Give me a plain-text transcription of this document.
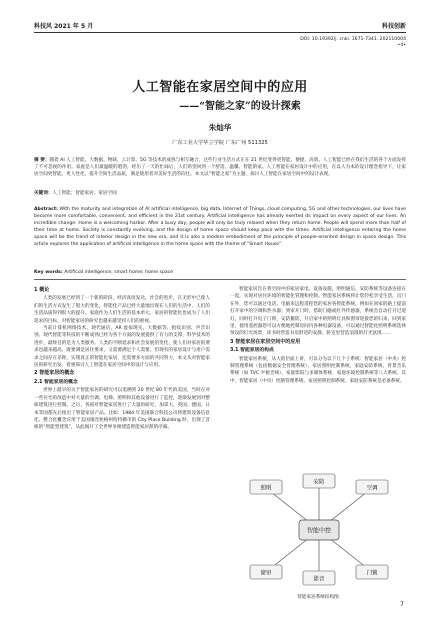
科技风 2021 年 5 月	科技创新
DOI: 10.19392/j. cnki. 1671-7341. 202110004
•4•
人工智能在家居空间中的应用
——“智能之家”的设计探索
朱灿华
广东工业大学华立学院 广东广州 511325
摘 要：随着 AI 人工智能、大数据、物联、云计算、5G 等技术的成熟与相互融合，这些行业生活方式正在 21 世纪变得更智能、便捷、高效。人工智能已经在我们生活的各个方面发挥了不可忽视的作用。家庭是人们最温暖的港湾，经历了一天的忙碌后，人们希望回到一个舒适、温馨、智能的家。人工智能在家居设计中的应用，在以人为本的设计理念指导下，让家居空间更智能、更人性化，提升空间生活品质，满足使用者对美好生活的向往。本文以“智能之家”为主题，探讨人工智能在家居空间中的设计表现。
关键词：人工智能；智能家居；家居空间
Abstract: With the maturity and integration of AI artificial intelligence, big data, Internet of Things, cloud computing, 5G and other technologies, our lives have become more comfortable, convenient, and efficient in the 21st century. Artificial intelligence has already exerted its impact on every aspect of our lives. An incredible change: Home is a welcoming harbor. After a busy day, people will only be truly relaxed when they return home. People will spend more than half of their time at home. Society is constantly evolving, and the design of home space should keep pace with the times. Artificial intelligence entering the home space will be the trend of interior design in the new era, and it is also a modern embodiment of the principle of people-oriented design in space design. This article explores the application of artificial intelligence in the home space with the theme of "Smart House".
Key words: Artificial intelligence; smart home; home space
1 概论

人类的发展已经到了一个新的阶段，经济高度发达，社会的进步，在无形中已使人们的生活方式发生了很大的变化，智能化产品已经大量地出现在人们的生活中，人们的生活品质得到很大的提升。家庭作为人们生活的基本单元，家居的智能化也成为了人们追求的目标，对智能家居的研究也越来越受到人们的重视。

当前计算机网络技术、现代通信、AR 虚拟现实、大数据等、指纹识别、声音识别、现代智能等科技的不断成熟已经为各个方面的发展提供了有力的支撑，科学技术的进步，最终目的是为人类服务。人类的不断追求和社会发展的变化，使人们对家居的要求也越来越高，既要满足居住要求，又需要满足个人需要。但现有的家居设计与用户需求之间存在差距，实现真正的智能化家居，还需要多方面的共同努力，本文从对智能家居的研究出发，着重探讨人工智能在家居空间中的设计与应用。

2 智能家居的概念
2.1 智能家居的概念

世界上最早的关于智能家居的研究可以追溯到 20 世纪 80 年代的美国，当时在对一些住宅的改造中对大量的空调、电梯、照明和其他设备进行了监控，逐渐发展到对整栋建筑进行控制。之后，各国对智能家居进行了大量的研究，加拿大、英国、德国、日本等国都先后推出了智能家居产品。比如：1984 年美国联合科技公司将建筑设备信息化、整合化概念应用于美国康涅狄格州哈特佛市的 City Place Building 时，出现了首栋的“智能型建筑”，从此揭开了全世界争相建造智能家居派的序幕。

智能家居旨在将空间中的家居家电、设备设施、照明通信、安防系统等设备连接在一起，实现对居住环境的智能化管理和控制。智能家居系统将让您轻松享受生活。出门在外，您可以通过电话、电脑来远程遥控您的家居各智能系统，例如在回家的路上提前打开家中的空调和热水器；到家开门时，借助门磁或红外传感器，系统会自动打开过道灯，同时打开电子门锁，安防撤防，开启家中的照明灯具和窗帘迎接您的归来；回到家里，使用遥控器您可以方便地控制房间内各种电器设备，可以通过智能化照明系统选择预设的灯光场景，读书时营造书房舒适的安静，卧室里营造浪漫的灯光氛围……

3 智能家居在家居空间中的应用
3.1 智能家居的构成

智能家居系统，从大的层面上讲，可以分为以下几个子系统：智能家居（中央）控制管理系统（包括数据安全管理系统）、家居照明控制系统、家庭安防系统、背景音乐系统（如 TVC 平板音响）、家庭影院与多媒体系统、家庭环境控制系统等八大系统。其中，智能家居（中央）控制管理系统、家居照明控制系统、家庭安防系统是必备系统。

智能中控
照明
安防
空调
窗帘
影音
门锁
智能家居系统结构图
7
